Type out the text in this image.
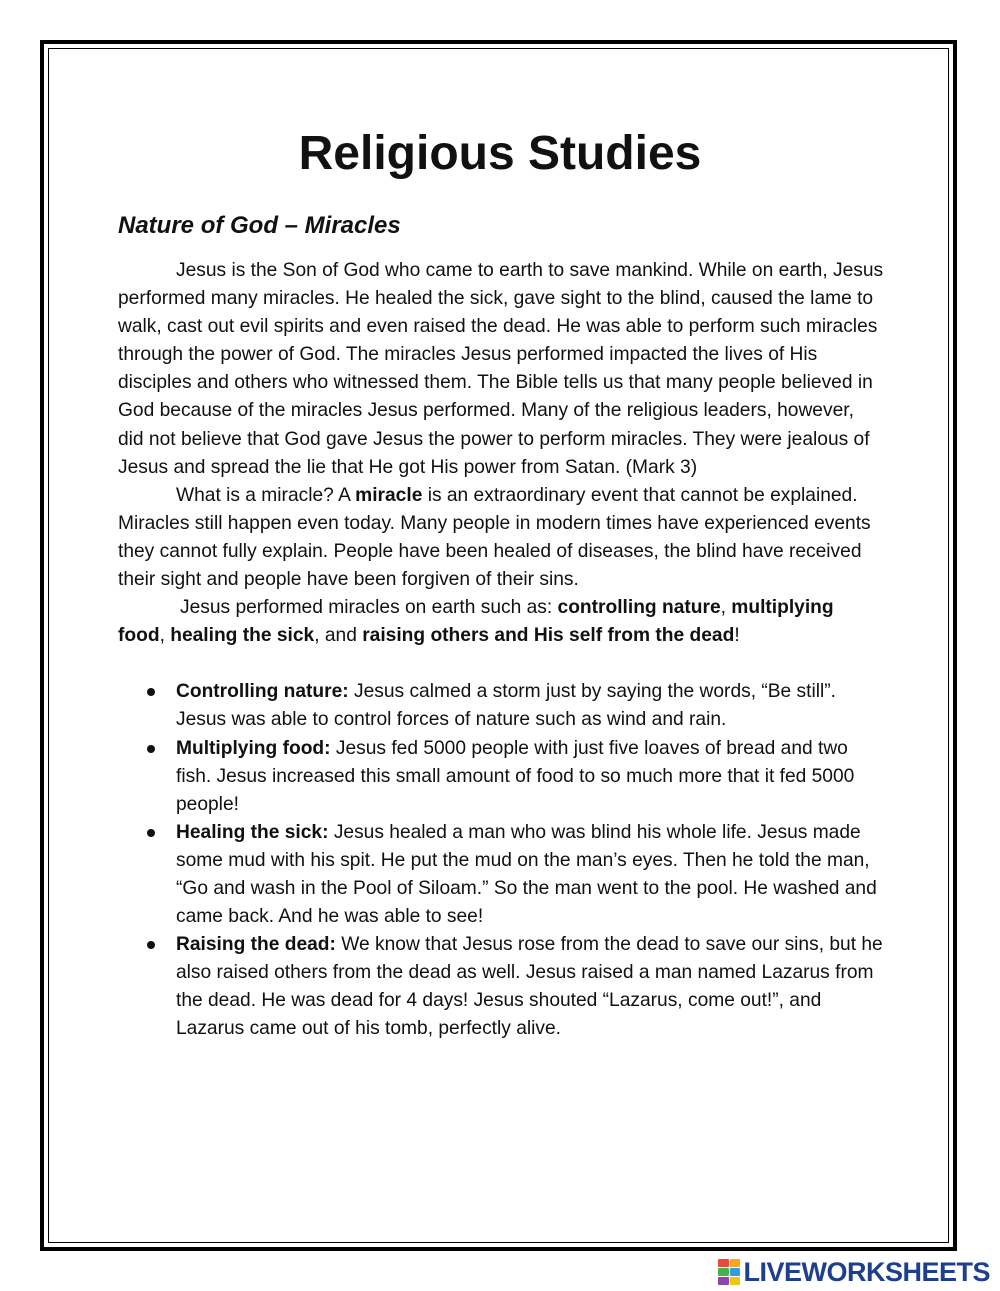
Religious Studies
Nature of God – Miracles

Jesus is the Son of God who came to earth to save mankind. While on earth, Jesus performed many miracles. He healed the sick, gave sight to the blind, caused the lame to walk, cast out evil spirits and even raised the dead. He was able to perform such miracles through the power of God. The miracles Jesus performed impacted the lives of His disciples and others who witnessed them. The Bible tells us that many people believed in God because of the miracles Jesus performed. Many of the religious leaders, however, did not believe that God gave Jesus the power to perform miracles. They were jealous of Jesus and spread the lie that He got His power from Satan. (Mark 3)

What is a miracle? A miracle is an extraordinary event that cannot be explained. Miracles still happen even today. Many people in modern times have experienced events they cannot fully explain. People have been healed of diseases, the blind have received their sight and people have been forgiven of their sins.

Jesus performed miracles on earth such as: controlling nature, multiplying food, healing the sick, and raising others and His self from the dead!

Controlling nature: Jesus calmed a storm just by saying the words, “Be still”. Jesus was able to control forces of nature such as wind and rain.
Multiplying food: Jesus fed 5000 people with just five loaves of bread and two fish. Jesus increased this small amount of food to so much more that it fed 5000 people!
Healing the sick: Jesus healed a man who was blind his whole life. Jesus made some mud with his spit. He put the mud on the man’s eyes. Then he told the man, “Go and wash in the Pool of Siloam.” So the man went to the pool. He washed and came back. And he was able to see!
Raising the dead: We know that Jesus rose from the dead to save our sins, but he also raised others from the dead as well. Jesus raised a man named Lazarus from the dead. He was dead for 4 days! Jesus shouted “Lazarus, come out!”, and Lazarus came out of his tomb, perfectly alive.
LIVEWORKSHEETS
